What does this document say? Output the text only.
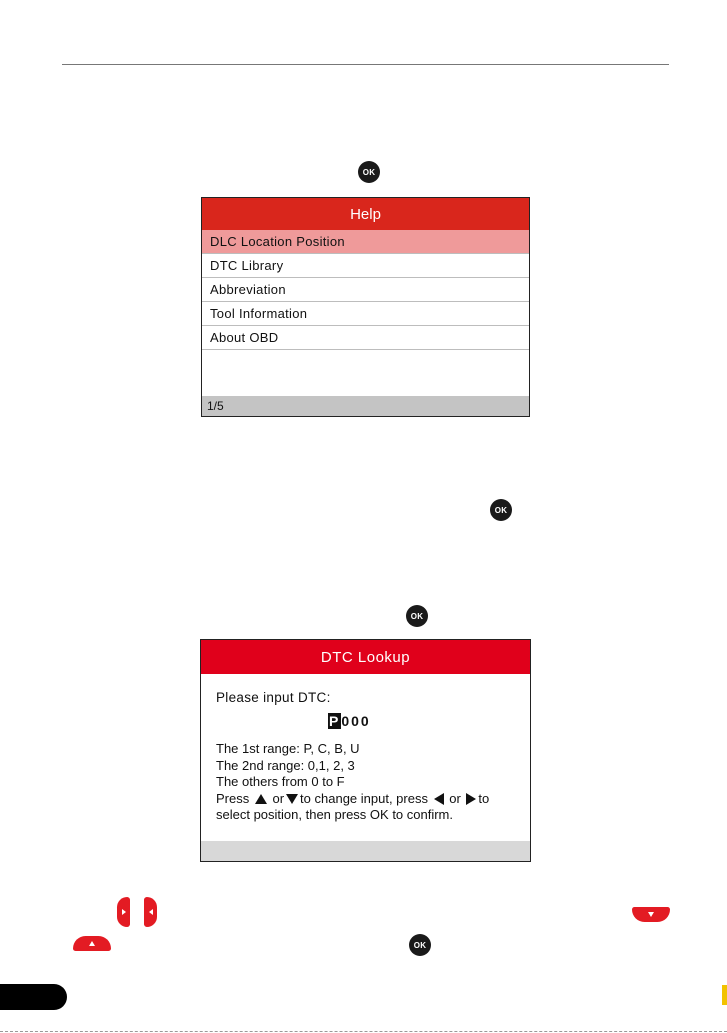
OK
OK
OK
OK
Help
DLC Location Position
DTC Library
Abbreviation
Tool Information
About OBD
1/5
DTC Lookup
Please input DTC:
P000
The 1st range: P, C, B, U
The 2nd range: 0,1, 2, 3
The others from 0 to F
Press or to change input, press or to
select position, then press OK to confirm.
